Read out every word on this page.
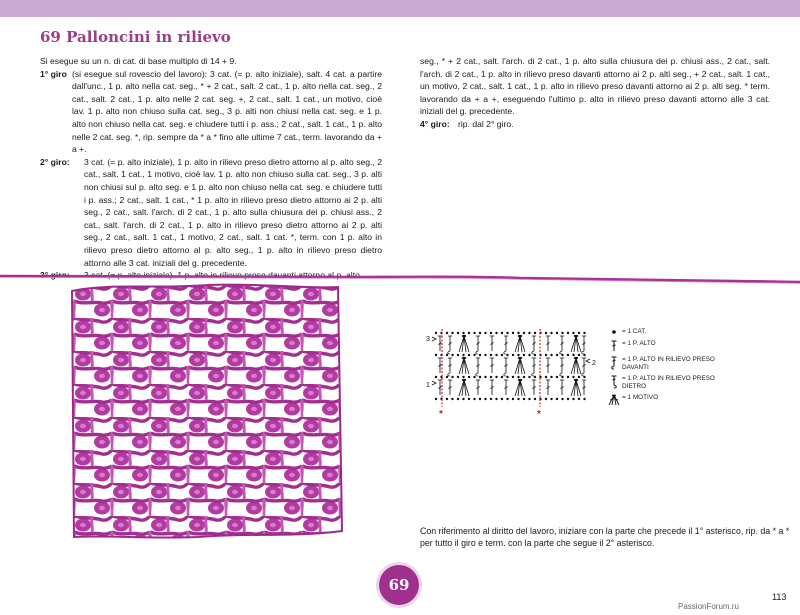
69 Palloncini in rilievo

Si esegue su un n. di cat. di base multiplo di 14 + 9.

1° giro (si esegue sul rovescio del lavoro): 3 cat. (= p. alto iniziale), salt. 4 cat. a partire dall'unc., 1 p. alto nella cat. seg., * + 2 cat., salt. 2 cat., 1 p. alto nella cat. seg., 2 cat., salt. 2 cat., 1 p. alto nelle 2 cat. seg. +, 2 cat., salt. 1 cat., un motivo, cioè lav. 1 p. alto non chiuso sulla cat. seg., 3 p. alti non chiusi nella cat. seg. e 1 p. alto non chiuso nella cat. seg. e chiudere tutti i p. ass.; 2 cat., salt. 1 cat., 1 p. alto nelle 2 cat. seg. *, rip. sempre da * a * fino alle ultime 7 cat., term. lavorando da + a +.
2° giro:	3 cat. (= p. alto iniziale), 1 p. alto in rilievo preso dietro attorno al p. alto seg., 2 cat., salt. 1 cat., 1 motivo, cioè lav. 1 p. alto non chiuso sulla cat. seg., 3 p. alti non chiusi sul p. alto seg. e 1 p. alto non chiuso nella cat. seg. e chiudere tutti i p. ass.; 2 cat., salt. 1 cat., * 1 p. alto in rilievo preso dietro attorno ai 2 p. alti seg., 2 cat., salt. l'arch. di 2 cat., 1 p. alto sulla chiusura dei p. chiusi ass., 2 cat., salt. l'arch. di 2 cat., 1 p. alto in rilievo preso dietro attorno ai 2 p. alti seg., 2 cat., salt. 1 cat., 1 motivo, 2 cat., salt. 1 cat. *, term. con 1 p. alto in rilievo preso dietro attorno al p. alto seg., 1 p. alto in rilievo preso dietro attorno alle 3 cat. iniziali del g. precedente.
3° giro:	3 cat. (= p. alto iniziale), 1 p. alto in rilievo preso davanti attorno al p. alto

seg., * + 2 cat., salt. l'arch. di 2 cat., 1 p. alto sulla chiusura dei p. chiusi ass., 2 cat., salt. l'arch. di 2 cat., 1 p. alto in rilievo preso davanti attorno ai 2 p. alti seg., + 2 cat., salt. 1 cat., un motivo, 2 cat., salt. 1 cat., 1 p. alto in rilievo preso davanti attorno ai 2 p. alti seg. * term. lavorando da + a +, eseguendo l'ultimo p. alto in rilievo preso davanti attorno alle 3 cat. iniziali del g. precedente.

4° giro: rip. dal 2° giro.
3
2
1
*	*
= 1 CAT.
= 1 P. ALTO
= 1 P. ALTO IN RILIEVO PRESO DAVANTI
= 1 P. ALTO IN RILIEVO PRESO DIETRO
= 1 MOTIVO

Con riferimento al diritto del lavoro, iniziare con la parte che precede il 1° asterisco, rip. da * a * per tutto il giro e term. con la parte che segue il 2° asterisco.

69
113
PassionForum.ru
